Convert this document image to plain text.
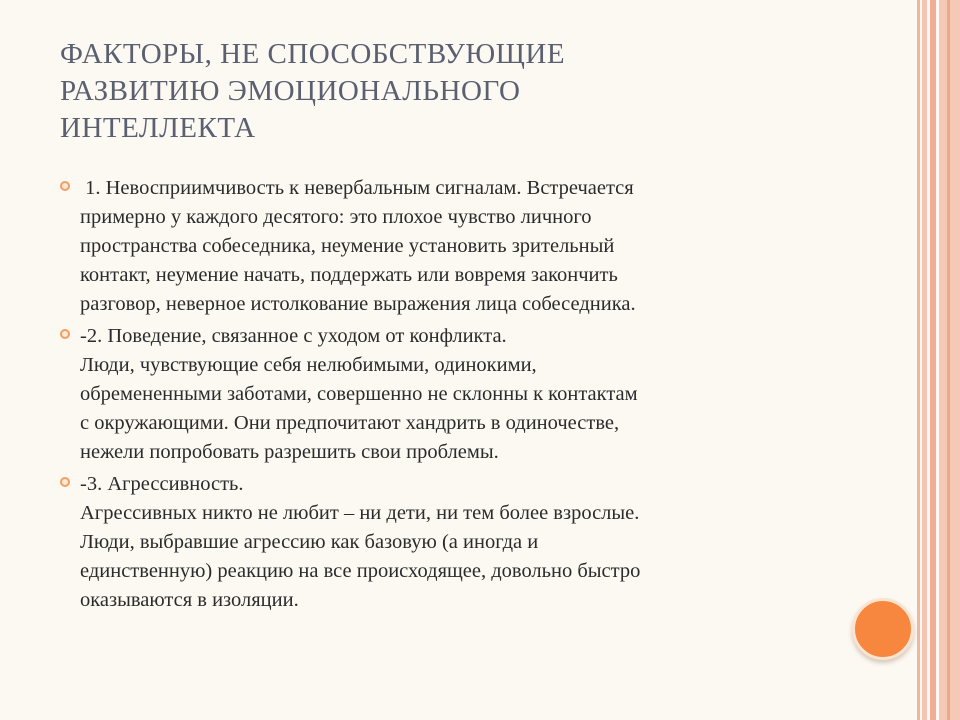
ФАКТОРЫ, НЕ СПОСОБСТВУЮЩИЕ
РАЗВИТИЮ ЭМОЦИОНАЛЬНОГО
ИНТЕЛЛЕКТА
1. Невосприимчивость к невербальным сигналам. Встречается
примерно у каждого десятого: это плохое чувство личного
пространства собеседника, неумение установить зрительный
контакт, неумение начать, поддержать или вовремя закончить
разговор, неверное истолкование выражения лица собеседника.
-2. Поведение, связанное с уходом от конфликта.
Люди, чувствующие себя нелюбимыми, одинокими,
обремененными заботами, совершенно не склонны к контактам
с окружающими. Они предпочитают хандрить в одиночестве,
нежели попробовать разрешить свои проблемы.
-3. Агрессивность.
Агрессивных никто не любит – ни дети, ни тем более взрослые.
Люди, выбравшие агрессию как базовую (а иногда и
единственную) реакцию на все происходящее, довольно быстро
оказываются в изоляции.
